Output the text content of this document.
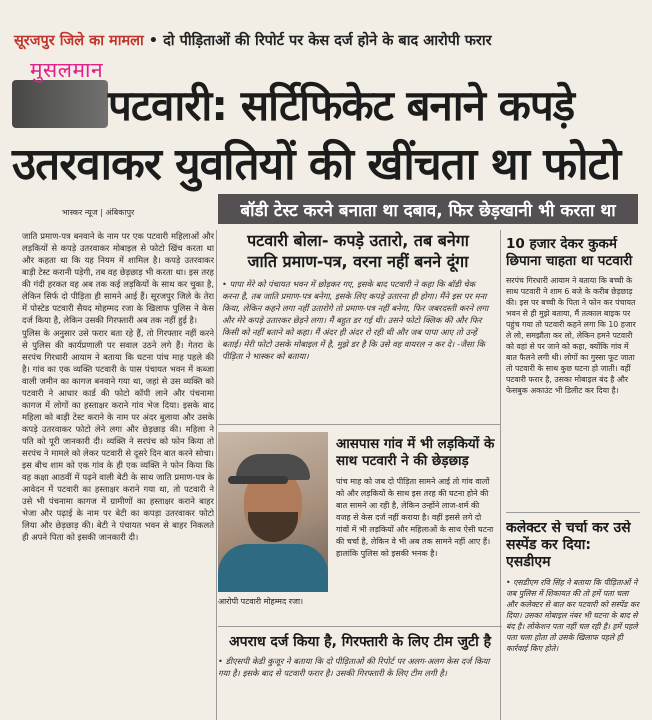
सूरजपुर जिले का मामला • दो पीड़िताओं की रिपोर्ट पर केस दर्ज होने के बाद आरोपी फरार
मुसलमान
पटवारी: सर्टिफिकेट बनाने कपड़े
उतरवाकर युवतियों की खींचता था फोटो
भास्कर न्यूज | अंबिकापुर	बॉडी टेस्ट करने बनाता था दबाव, फिर छेड़खानी भी करता था

जाति प्रमाण-पत्र बनवाने के नाम पर एक पटवारी महिलाओं और लड़कियों से कपड़े उतरवाकर मोबाइल से फोटो खिंच करता था और कहता था कि यह नियम में शामिल है। कपड़े उतरवाकर बाड़ी टेस्ट करानी पड़ेगी, तब वह छेड़छाड़ भी करता था। इस तरह की गंदी हरकत वह अब तक कई लड़कियों के साथ कर चुका है, लेकिन सिर्फ दो पीड़िता ही सामने आई हैं। सूरजपुर जिले के तेरा में पोस्टेड पटवारी सैयद मोहम्मद रजा के खिलाफ पुलिस ने केस दर्ज किया है, लेकिन उसकी गिरफ्तारी अब तक नहीं हुई है।

पुलिस के अनुसार उसे फरार बता रहे हैं, तो गिरफ्तार नहीं करने से पुलिस की कार्यप्रणाली पर सवाल उठने लगे हैं। गेतरा के सरपंच गिरधारी आयाम ने बताया कि घटना पांच माह पहले की है। गांव का एक व्यक्ति पटवारी के पास पंचायत भवन में कब्जा वाली जमीन का कागज बनवाने गया था, जहां से उस व्यक्ति को पटवारी ने आधार कार्ड की फोटो कॉपी लाने और पंचनामा कागज में लोगों का हस्ताक्षर कराने गांव भेज दिया। इसके बाद महिला को बाड़ी टेस्ट कराने के नाम पर अंदर बुलाया और उसके कपड़े उतरवाकर फोटो लेने लगा और छेड़छाड़ की। महिला ने पति को पूरी जानकारी दी। व्यक्ति ने सरपंच को फोन किया तो सरपंच ने मामले को लेकर पटवारी से दूसरे दिन बात करने सोचा। इस बीच शाम को एक गांव के ही एक व्यक्ति ने फोन किया कि वह कक्षा आठवीं में पढ़ने वाली बेटी के साथ जाति प्रमाण-पत्र के आवेदन में पटवारी का हस्ताक्षर कराने गया था, तो पटवारी ने उसे भी पंचनामा कागज में ग्रामीणों का हस्ताक्षर कराने बाहर भेजा और पढ़ाई के नाम पर बेटी का कपड़ा उतरवाकर फोटो लिया और छेड़छाड़ की। बेटी ने पंचायत भवन से बाहर निकलते ही अपने पिता को इसकी जानकारी दी।

पटवारी बोला- कपड़े उतारो, तब बनेगा
जाति प्रमाण-पत्र, वरना नहीं बनने दूंगा
• पापा मेरे को पंचायत भवन में छोड़कर गए, इसके बाद पटवारी ने कहा कि बॉडी चेक करना है, तब जाति प्रमाण-पत्र बनेगा, इसके लिए कपड़े उतारना ही होगा। मैंने इस पर मना किया, लेकिन कहने लगा नहीं उतारोगे तो प्रमाण-पत्र नहीं बनेगा, फिर जबरदस्ती करने लगा और मेरे कपड़े उतारकर छेड़ने लगा। मैं बहुत डर गई थी। उसने फोटो क्लिक की और फिर किसी को नहीं बताने को कहा। मैं अंदर ही अंदर रो रही थी और जब पापा आए तो उन्हें बताई। मेरी फोटो उसके मोबाइल में है, मुझे डर है कि उसे वह वायरल न कर दे। -जैसा कि पीड़िता ने भास्कर को बताया।
10 हजार देकर कुकर्म छिपाना चाहता था पटवारी
सरपंच गिरधारी आयाम ने बताया कि बच्ची के साथ पटवारी ने शाम 6 बजे के करीब छेड़छाड़ की। इस पर बच्ची के पिता ने फोन कर पंचायत भवन से ही मुझे बताया, मैं तत्काल बाइक पर पहुंच गया तो पटवारी कहने लगा कि 10 हजार ले लो, समझौता कर लो, लेकिन हमने पटवारी को वहां से पर जाने को कहा, क्योंकि गांव में बात फैलने लगी थी। लोगों का गुस्सा फूट जाता तो पटवारी के साथ कुछ घटना हो जाती। वहीं पटवारी फरार है, उसका मोबाइल बंद है और फेसबुक अकाउंट भी डिलीट कर दिया है।
आरोपी पटवारी मोहम्मद रजा।
आसपास गांव में भी लड़कियों के साथ पटवारी ने की छेड़छाड़
पांच माह को जब दो पीड़िता सामने आई तो गांव वालों को और लड़कियों के साथ इस तरह की घटना होने की बात सामने आ रही है, लेकिन उन्होंने लाज-शर्म की वजह से केस दर्ज नहीं कराया है। वहीं इससे लगे दो गांवों में भी लड़कियों और महिलाओं के साथ ऐसी घटना की चर्चा है, लेकिन वे भी अब तक सामने नहीं आए हैं। हालांकि पुलिस को इसकी भनक है।
कलेक्टर से चर्चा कर उसे सस्पेंड कर दिया: एसडीएम
• एसडीएम रवि सिंह ने बताया कि पीड़िताओं ने जब पुलिस में शिकायत की तो हमें पता चला और कलेक्टर से बात कर पटवारी को सस्पेंड कर दिया। उसका मोबाइल नंबर भी घटना के बाद से बंद है। लोकेशन पता नहीं चल रही है। हमें पहले पता चला होता तो उसके खिलाफ पहले ही कार्रवाई किए होते।
अपराध दर्ज किया है, गिरफ्तारी के लिए टीम जुटी है
• डीएसपी केडी कुजूर ने बताया कि दो पीड़िताओं की रिपोर्ट पर अलग-अलग केस दर्ज किया गया है। इसके बाद से पटवारी फरार है। उसकी गिरफ्तारी के लिए टीम लगी है।
